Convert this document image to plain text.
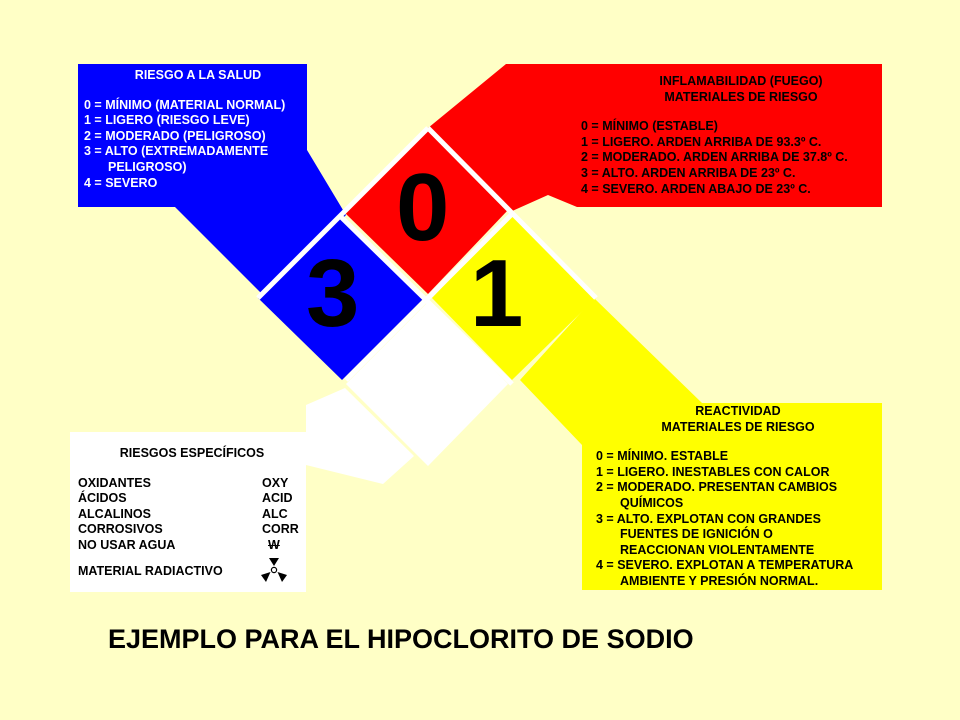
RIESGO A LA SALUD
0 = MÍNIMO (MATERIAL NORMAL)
1 = LIGERO (RIESGO LEVE)
2 = MODERADO (PELIGROSO)
3 = ALTO (EXTREMADAMENTE
PELIGROSO)
4 = SEVERO
INFLAMABILIDAD (FUEGO)
MATERIALES DE RIESGO
0 = MÍNIMO (ESTABLE)
1 = LIGERO. ARDEN ARRIBA DE 93.3º C.
2 = MODERADO. ARDEN ARRIBA DE 37.8º C.
3 = ALTO. ARDEN ARRIBA DE 23º C.
4 = SEVERO. ARDEN ABAJO DE 23º C.
REACTIVIDAD
MATERIALES DE RIESGO
0 = MÍNIMO. ESTABLE
1 = LIGERO. INESTABLES CON CALOR
2 = MODERADO. PRESENTAN CAMBIOS
QUÍMICOS
3 = ALTO. EXPLOTAN CON GRANDES
FUENTES DE IGNICIÓN O
REACCIONAN VIOLENTAMENTE
4 = SEVERO. EXPLOTAN A TEMPERATURA
AMBIENTE Y PRESIÓN NORMAL.
RIESGOS ESPECÍFICOS
OXIDANTES	OXY
ÁCIDOS	ACID
ALCALINOS	ALC
CORROSIVOS	CORR
NO USAR AGUA	W
MATERIAL RADIACTIVO
0
3 1
EJEMPLO PARA EL HIPOCLORITO DE SODIO
